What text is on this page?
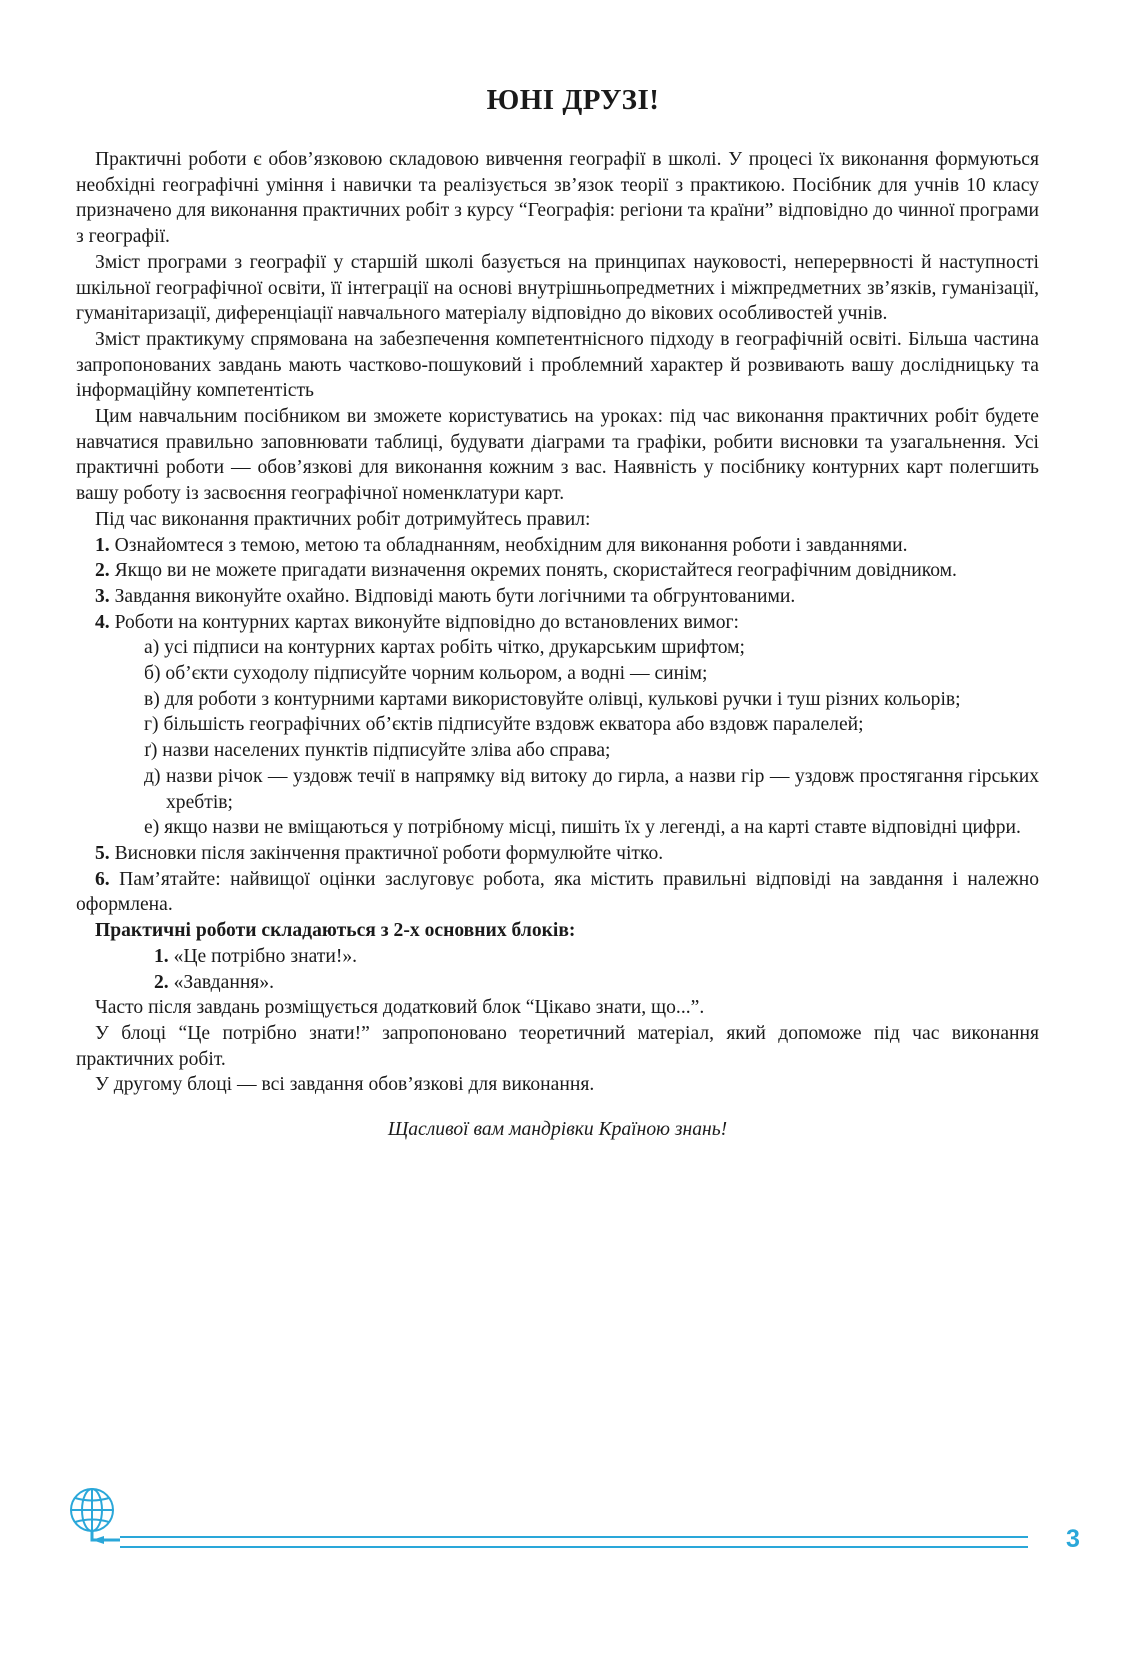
ЮНІ ДРУЗІ!

Практичні роботи є обов’язковою складовою вивчення географії в школі. У процесі їх виконання формуються необхідні географічні уміння і навички та реалізується зв’язок теорії з практикою. Посібник для учнів 10 класу призначено для виконання практичних робіт з курсу “Географія: регіони та країни” відповідно до чинної програми з географії.

Зміст програми з географії у старшій школі базується на принципах науковості, неперервності й наступності шкільної географічної освіти, її інтеграції на основі внутрішньопредметних і міжпредметних зв’язків, гуманізації, гуманітаризації, диференціації навчального матеріалу відповідно до вікових особливостей учнів.

Зміст практикуму спрямована на забезпечення компетентнісного підходу в географічній освіті. Більша частина запропонованих завдань мають частково-пошуковий і проблемний характер й розвивають вашу дослідницьку та інформаційну компетентість

Цим навчальним посібником ви зможете користуватись на уроках: під час виконання практичних робіт будете навчатися правильно заповнювати таблиці, будувати діаграми та графіки, робити висновки та узагальнення. Усі практичні роботи — обов’язкові для виконання кожним з вас. Наявність у посібнику контурних карт полегшить вашу роботу із засвоєння географічної номенклатури карт.

Під час виконання практичних робіт дотримуйтесь правил:

1. Ознайомтеся з темою, метою та обладнанням, необхідним для виконання роботи і завданнями.

2. Якщо ви не можете пригадати визначення окремих понять, скористайтеся географічним довідником.

3. Завдання виконуйте охайно. Відповіді мають бути логічними та обгрунтованими.

4. Роботи на контурних картах виконуйте відповідно до встановлених вимог:

а) усі підписи на контурних картах робіть чітко, друкарським шрифтом;

б) об’єкти суходолу підписуйте чорним кольором, а водні — синім;

в) для роботи з контурними картами використовуйте олівці, кулькові ручки і туш різних кольорів;

г) більшість географічних об’єктів підписуйте вздовж екватора або вздовж паралелей;

ґ) назви населених пунктів підписуйте зліва або справа;

д) назви річок — уздовж течії в напрямку від витоку до гирла, а назви гір — уздовж простягання гірських хребтів;

е) якщо назви не вміщаються у потрібному місці, пишіть їх у легенді, а на карті ставте відповідні цифри.

5. Висновки після закінчення практичної роботи формулюйте чітко.

6. Пам’ятайте: найвищої оцінки заслуговує робота, яка містить правильні відповіді на завдання і належно оформлена.

Практичні роботи складаються з 2-х основних блоків:

1. «Це потрібно знати!».

2. «Завдання».

Часто після завдань розміщується додатковий блок “Цікаво знати, що...”.

У блоці “Це потрібно знати!” запропоновано теоретичний матеріал, який допоможе під час виконання практичних робіт.

У другому блоці — всі завдання обов’язкові для виконання.

Щасливої вам мандрівки Країною знань!

3
